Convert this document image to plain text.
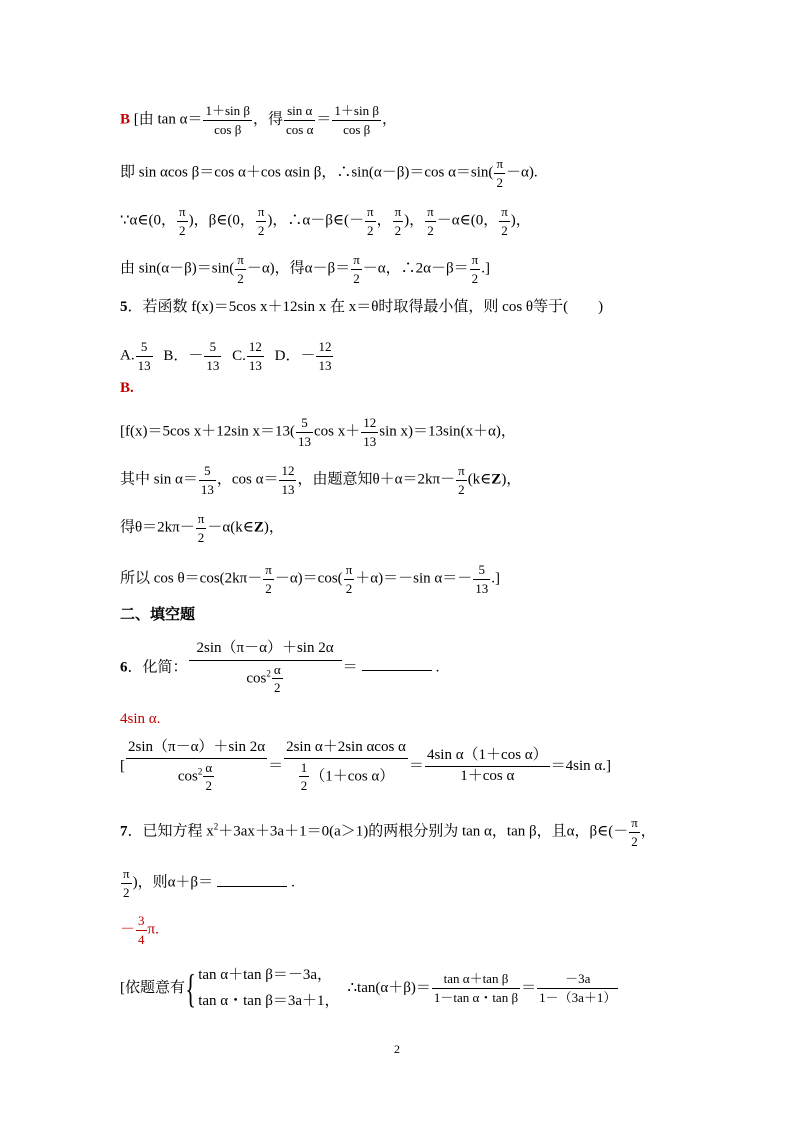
B [由 $\tan \alpha= \frac{\text{1＋sin β}}{\text{cos β}}$ ，得 $\frac{\text{sin α}}{\text{cos α}} = \frac{\text{1＋sin β}}{\text{cos β}}$ ，
即 sin αcos β＝cos α＋cos αsin β，∴sin(α－β)＝cos $\alpha=\sin( \frac{\pi}{2} -\alpha)$.
∵α∈(0， $\frac{\pi}{2}$ )，β∈(0， $\frac{\pi}{2}$ )，∴α－β∈(－ $\frac{\pi}{2}$ ， $\frac{\pi}{2}$ )， $\frac{\pi}{2}$ －α∈(0， $\frac{\pi}{2}$ )，
由 $\sin(\alpha-\beta)=\sin( \frac{\pi}{2} -\alpha)$，得$\alpha-\beta= \frac{\pi}{2} -\alpha$，∴2α－β＝ $\frac{\pi}{2}$ .]
5．若函数 f(x)＝5cos x＋12sin x 在 x＝θ时取得最小值，则 cos θ等于(　　)
A. $\frac{5}{13}$ B．－ $\frac{5}{13} C$. $\frac{12}{13}$ D．－ $\frac{12}{13}$
B.
[f(x)＝5cos x＋12sin $x=13( \frac{5}{13}$ $\cos x+ \frac{12}{13}$ sin x)＝13sin(x＋α)，
其中 $\sin \alpha= \frac{5}{13}$ ，$\cos \alpha= \frac{12}{13}$ ，由题意知$\theta+\alpha=2k\pi- \frac{\pi}{2}$ (k∈Z)，
得$\theta=2k\pi- \frac{\pi}{2}$ －α(k∈Z)，
所以 $\cos \theta=\cos(2k\pi- \frac{\pi}{2} -\alpha)=\cos( \frac{\pi}{2} +\alpha)=-\sin$ $\alpha=- \frac{5}{13}$ .]
二、填空题
6．化简： $\frac{2\sin(\pi-\alpha)+\sin 2\alpha}{\cos^2 \frac{\alpha}{2}}$ ＝	.
4sin α.
[ $\frac{2\sin(\pi-\alpha)+\sin 2\alpha}{\cos^2 \frac{\alpha}{2}} = \frac{\text{2sin α＋2sin αcos α}}{\frac{1}{2} (1+\cos \alpha)} = \frac{\text{4sin α（1＋cos α）}}{\text{1＋cos α}} =4\sin$ α.]
7．已知方程 $x^2+3ax+3a+1=0(a>1)$的两根分别为 tan α，tan β，且α，β∈(－ $\frac{\pi}{2}$ ，
$\frac{\pi}{2}$ )，则α＋β＝	.
－ $\frac{3}{4} \pi$.
[依题意有{ tan α＋tan β＝－3a，
tan α・tan β＝3a＋1，
∴tan(α＋β)＝ $\frac{\text{tan α＋tan β}}{\text{1－tan α・tan β}} = \frac{-3a}{1-(3a+1)}$
2
